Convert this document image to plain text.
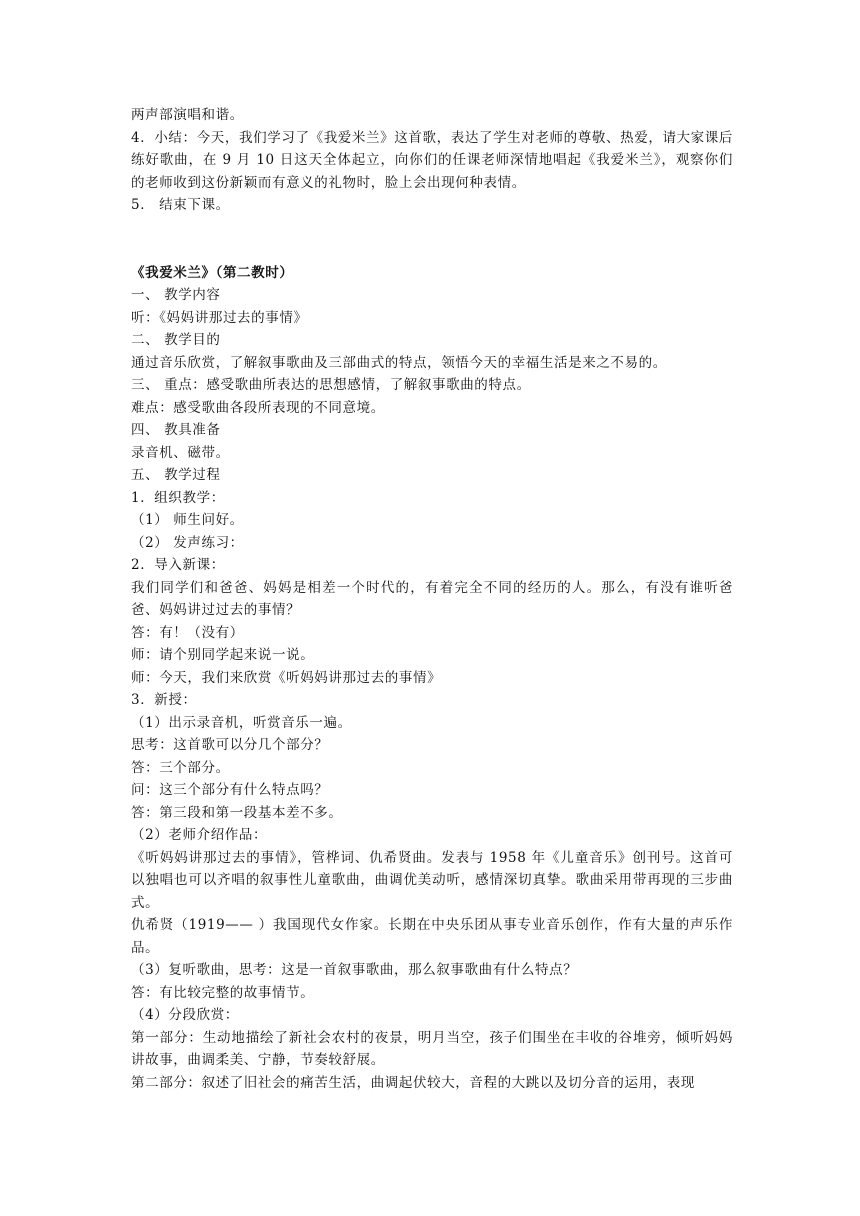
两声部演唱和谐。

4．小结：今天，我们学习了《我爱米兰》这首歌，表达了学生对老师的尊敬、热爱，请大家课后练好歌曲，在 9 月 10 日这天全体起立，向你们的任课老师深情地唱起《我爱米兰》，观察你们的老师收到这份新颖而有意义的礼物时，脸上会出现何种表情。

5． 结束下课。

《我爱米兰》（第二教时）

一、 教学内容

听：《妈妈讲那过去的事情》

二、 教学目的

通过音乐欣赏，了解叙事歌曲及三部曲式的特点，领悟今天的幸福生活是来之不易的。

三、 重点：感受歌曲所表达的思想感情，了解叙事歌曲的特点。

难点：感受歌曲各段所表现的不同意境。

四、 教具准备

录音机、磁带。

五、 教学过程

1．组织教学：

（1） 师生问好。

（2） 发声练习：

2．导入新课：

我们同学们和爸爸、妈妈是相差一个时代的，有着完全不同的经历的人。那么，有没有谁听爸爸、妈妈讲过过去的事情？

答：有！（没有）

师：请个别同学起来说一说。

师：今天，我们来欣赏《听妈妈讲那过去的事情》

3．新授：

（1）出示录音机，听赏音乐一遍。

思考：这首歌可以分几个部分？

答：三个部分。

问：这三个部分有什么特点吗？

答：第三段和第一段基本差不多。

（2）老师介绍作品：

《听妈妈讲那过去的事情》，管桦词、仇希贤曲。发表与 1958 年《儿童音乐》创刊号。这首可以独唱也可以齐唱的叙事性儿童歌曲，曲调优美动听，感情深切真挚。歌曲采用带再现的三步曲式。

仇希贤（1919—— ）我国现代女作家。长期在中央乐团从事专业音乐创作，作有大量的声乐作品。

（3）复听歌曲，思考：这是一首叙事歌曲，那么叙事歌曲有什么特点？

答：有比较完整的故事情节。

（4）分段欣赏：

第一部分：生动地描绘了新社会农村的夜景，明月当空，孩子们围坐在丰收的谷堆旁，倾听妈妈讲故事，曲调柔美、宁静，节奏较舒展。

第二部分：叙述了旧社会的痛苦生活，曲调起伏较大，音程的大跳以及切分音的运用，表现
